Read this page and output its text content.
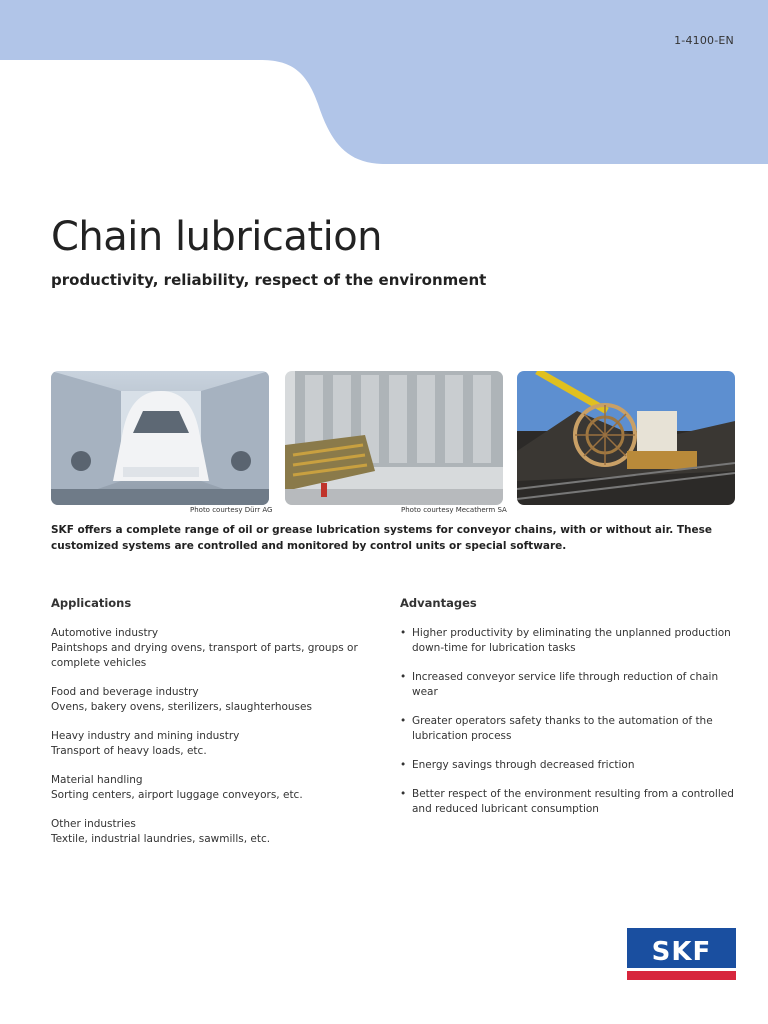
1-4100-EN
Chain lubrication
productivity, reliability, respect of the environment
Photo courtesy Dürr AG	Photo courtesy Mecatherm SA

SKF offers a complete range of oil or grease lubrication systems for conveyor chains, with or without air. These customized systems are controlled and monitored by control units or special software.

Applications	Advantages
Automotive industry
Paintshops and drying ovens, transport of parts, groups or complete vehicles
Food and beverage industry
Ovens, bakery ovens, sterilizers, slaughterhouses
Heavy industry and mining industry
Transport of heavy loads, etc.
Material handling
Sorting centers, airport luggage conveyors, etc.
Other industries
Textile, industrial laundries, sawmills, etc.
• Higher productivity by eliminating the unplanned production down-time for lubrication tasks
• Increased conveyor service life through reduction of chain wear
• Greater operators safety thanks to the automation of the lubrication process
• Energy savings through decreased friction
• Better respect of the environment resulting from a controlled and reduced lubricant consumption
SKF
